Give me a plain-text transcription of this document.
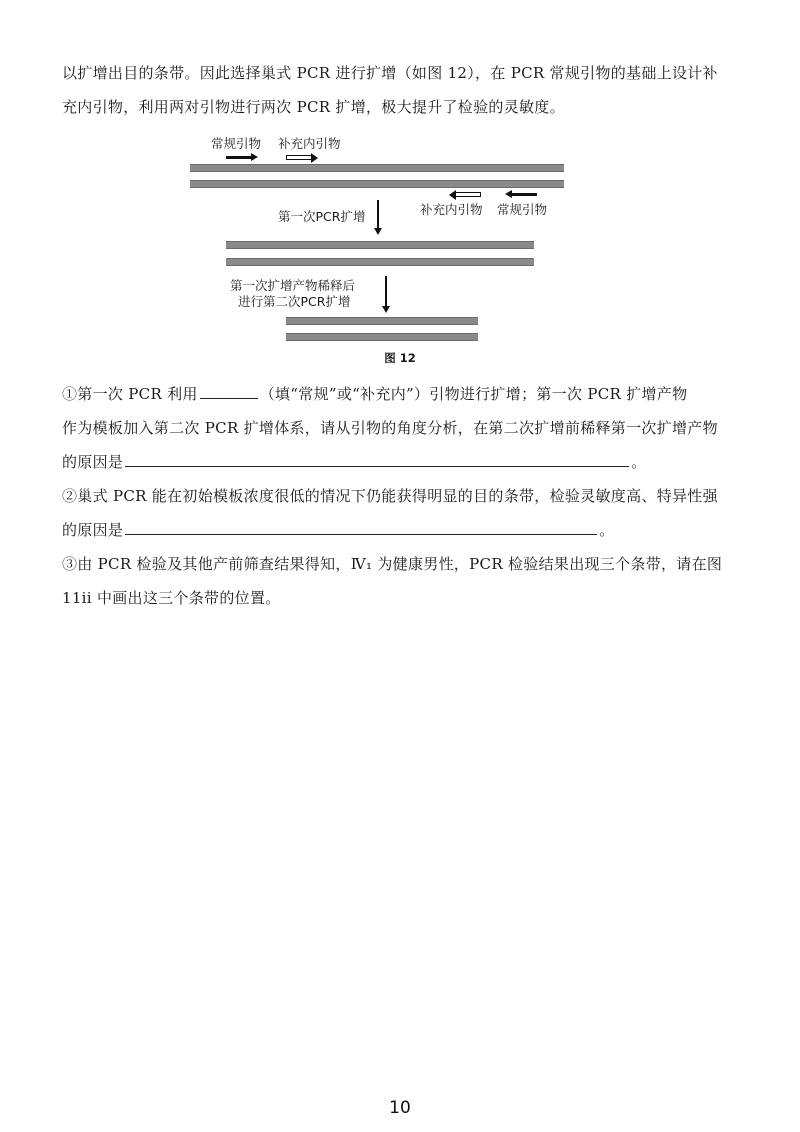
以扩增出目的条带。因此选择巢式 PCR 进行扩增（如图 12），在 PCR 常规引物的基础上设计补
充内引物，利用两对引物进行两次 PCR 扩增，极大提升了检验的灵敏度。
常规引物 补充内引物
补充内引物 常规引物
第一次PCR扩增
第一次扩增产物稀释后
进行第二次PCR扩增
图 12
①第一次 PCR 利用	（填“常规”或“补充内”）引物进行扩增；第一次 PCR 扩增产物
作为模板加入第二次 PCR 扩增体系，请从引物的角度分析，在第二次扩增前稀释第一次扩增产物
的原因是	。
②巢式 PCR 能在初始模板浓度很低的情况下仍能获得明显的目的条带，检验灵敏度高、特异性强
的原因是	。
③由 PCR 检验及其他产前筛查结果得知，Ⅳ₁ 为健康男性，PCR 检验结果出现三个条带，请在图
11ii 中画出这三个条带的位置。
10
